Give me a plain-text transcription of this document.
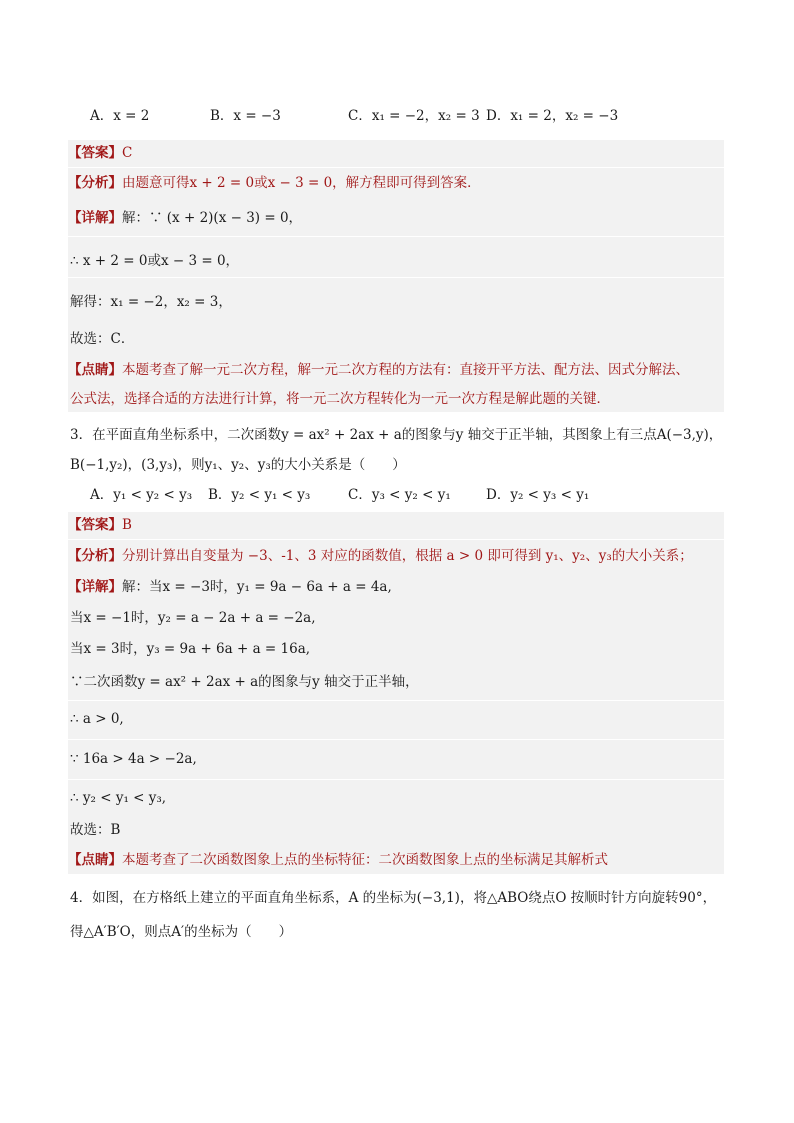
A．x = 2	B．x = −3	C．x₁ = −2，x₂ = 3 D．x₁ = 2，x₂ = −3
【答案】C
【分析】由题意可得x + 2 = 0或x − 3 = 0，解方程即可得到答案．
【详解】解：∵ (x + 2)(x − 3) = 0，
∴ x + 2 = 0或x − 3 = 0，
解得：x₁ = −2，x₂ = 3，
故选：C．
【点睛】本题考查了解一元二次方程，解一元二次方程的方法有：直接开平方法、配方法、因式分解法、
公式法，选择合适的方法进行计算，将一元二次方程转化为一元一次方程是解此题的关键．
3．在平面直角坐标系中，二次函数y = ax² + 2ax + a的图象与y 轴交于正半轴，其图象上有三点A(−3,y)，
B(−1,y₂)，(3,y₃)，则y₁、y₂、y₃的大小关系是（　　）
A．y₁ < y₂ < y₃ B．y₂ < y₁ < y₃	C．y₃ < y₂ < y₁	D．y₂ < y₃ < y₁
【答案】B
【分析】分别计算出自变量为 −3、-1、3 对应的函数值，根据 a > 0 即可得到 y₁、y₂、y₃的大小关系；
【详解】解：当x = −3时，y₁ = 9a − 6a + a = 4a,
当x = −1时，y₂ = a − 2a + a = −2a,
当x = 3时，y₃ = 9a + 6a + a = 16a,
∵二次函数y = ax² + 2ax + a的图象与y 轴交于正半轴，
∴ a > 0,
∵ 16a > 4a > −2a,
∴ y₂ < y₁ < y₃,
故选：B
【点睛】本题考查了二次函数图象上点的坐标特征：二次函数图象上点的坐标满足其解析式
4．如图，在方格纸上建立的平面直角坐标系，A 的坐标为(−3,1)，将△ABO绕点O 按顺时针方向旋转90°，
得△A′B′O，则点A′的坐标为（　　）
